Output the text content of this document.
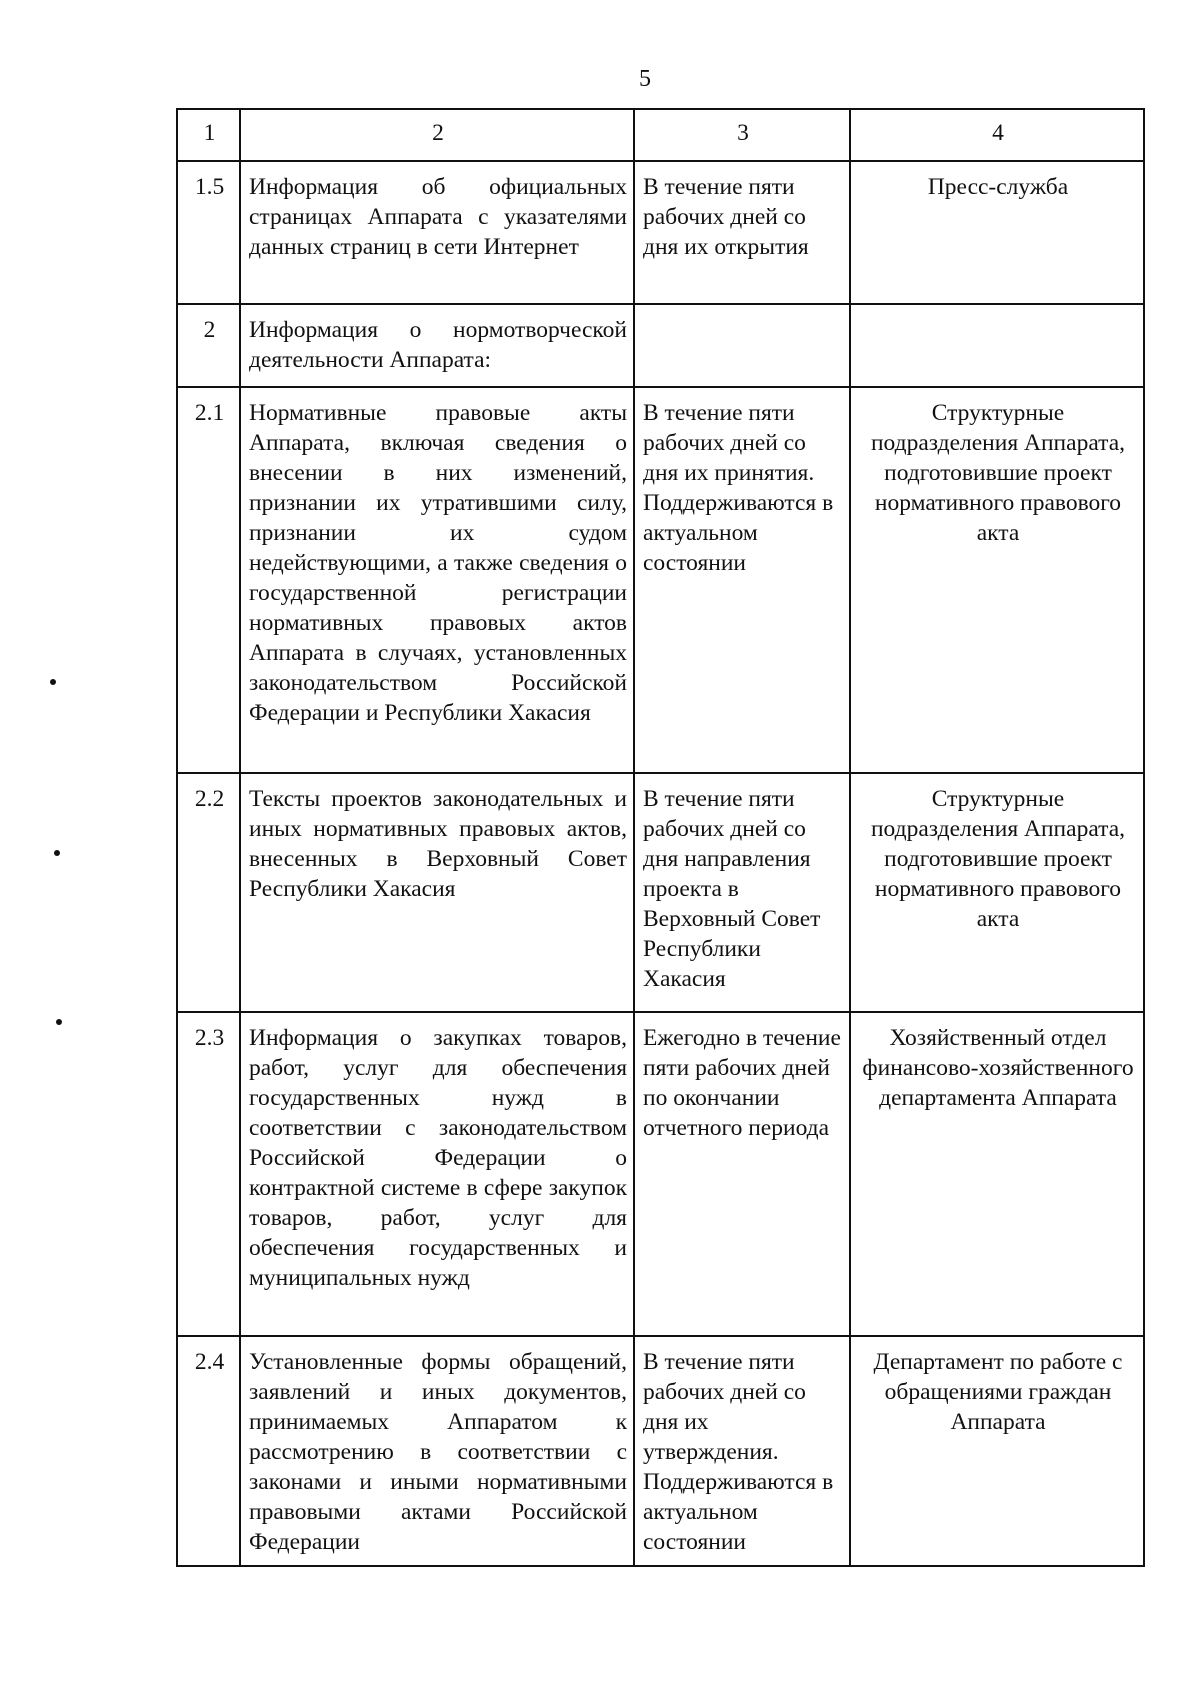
5
1	2	3	4
1.5	Информация об официальных страницах Аппарата с указателями данных страниц в сети Интернет	В течение пяти рабочих дней со дня их открытия	Пресс-служба
2	Информация о нормотворческой деятельности Аппарата:		
2.1	Нормативные правовые акты Аппарата, включая сведения о внесении в них изменений, признании их утратившими силу, признании их судом недействующими, а также сведения о государственной регистрации нормативных правовых актов Аппарата в случаях, установленных законодательством Российской Федерации и Республики Хакасия	В течение пяти рабочих дней со дня их принятия. Поддерживаются в актуальном состоянии	Структурные подразделения Аппарата, подготовившие проект нормативного правового акта
2.2	Тексты проектов законодательных и иных нормативных правовых актов, внесенных в Верховный Совет Республики Хакасия	В течение пяти рабочих дней со дня направления проекта в Верховный Совет Республики Хакасия	Структурные подразделения Аппарата, подготовившие проект нормативного правового акта
2.3	Информация о закупках товаров, работ, услуг для обеспечения государственных нужд в соответствии с законодательством Российской Федерации о контрактной системе в сфере закупок товаров, работ, услуг для обеспечения государственных и муниципальных нужд	Ежегодно в течение пяти рабочих дней по окончании отчетного периода	Хозяйственный отдел финансово-хозяйственного департамента Аппарата
2.4	Установленные формы обращений, заявлений и иных документов, принимаемых Аппаратом к рассмотрению в соответствии с законами и иными нормативными правовыми актами Российской Федерации	В течение пяти рабочих дней со дня их утверждения. Поддерживаются в актуальном состоянии	Департамент по работе с обращениями граждан Аппарата
